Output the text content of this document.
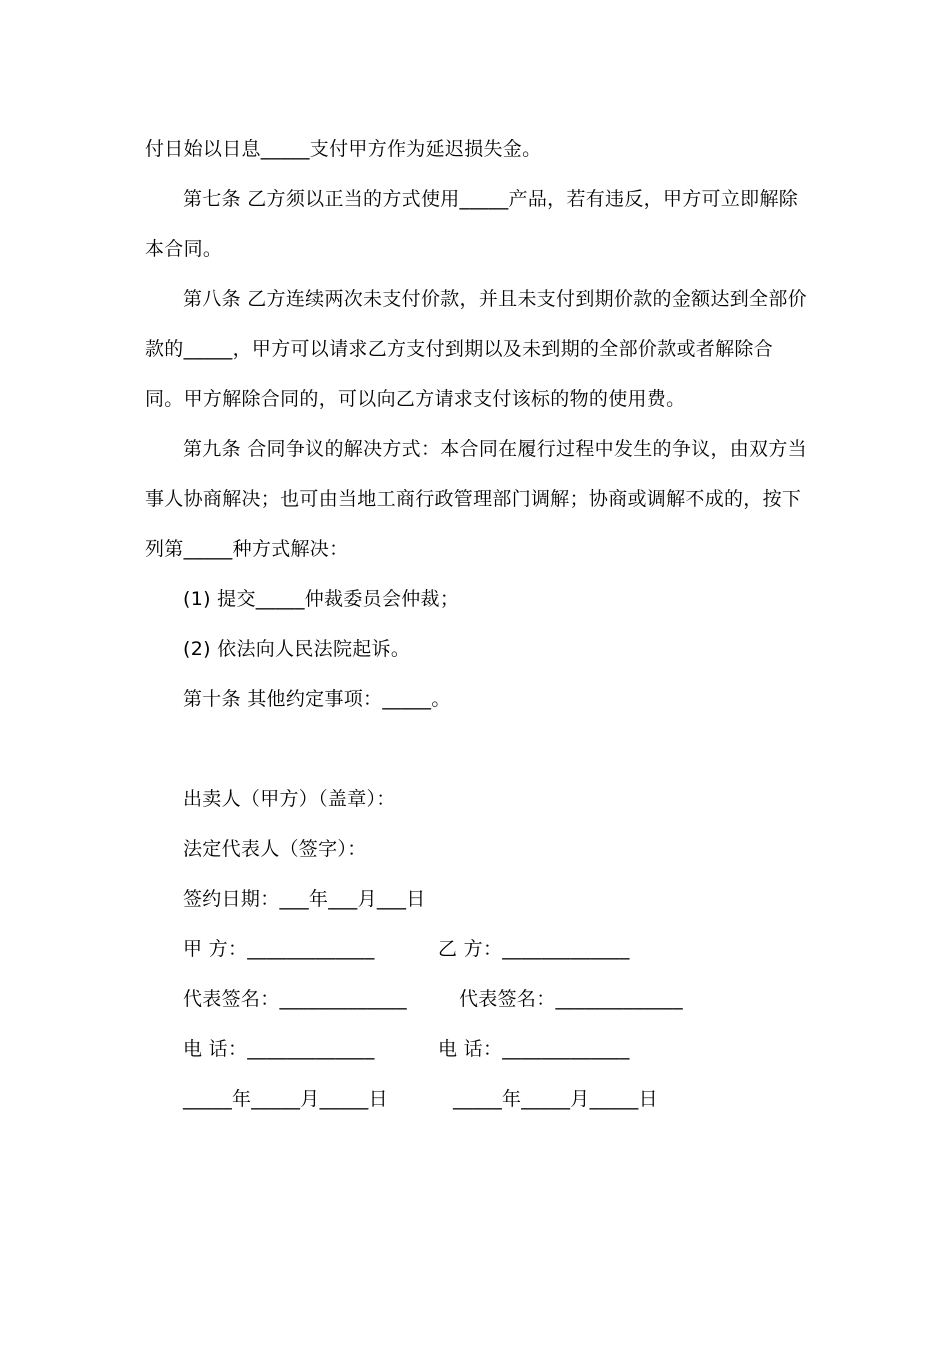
付日始以日息_____支付甲方作为延迟损失金。
第七条 乙方须以正当的方式使用_____产品，若有违反，甲方可立即解除
本合同。
第八条 乙方连续两次未支付价款，并且未支付到期价款的金额达到全部价
款的_____，甲方可以请求乙方支付到期以及未到期的全部价款或者解除合
同。甲方解除合同的，可以向乙方请求支付该标的物的使用费。
第九条 合同争议的解决方式：本合同在履行过程中发生的争议，由双方当
事人协商解决；也可由当地工商行政管理部门调解；协商或调解不成的，按下
列第_____种方式解决：
(1) 提交_____仲裁委员会仲裁；
(2) 依法向人民法院起诉。
第十条 其他约定事项：_____。
出卖人（甲方）（盖章）：
法定代表人（签字）：
签约日期：___年___月___日
甲 方：_____________	乙 方：_____________
代表签名：_____________	代表签名：_____________
电 话：_____________	电 话：_____________
_____年_____月_____日	_____年_____月_____日
